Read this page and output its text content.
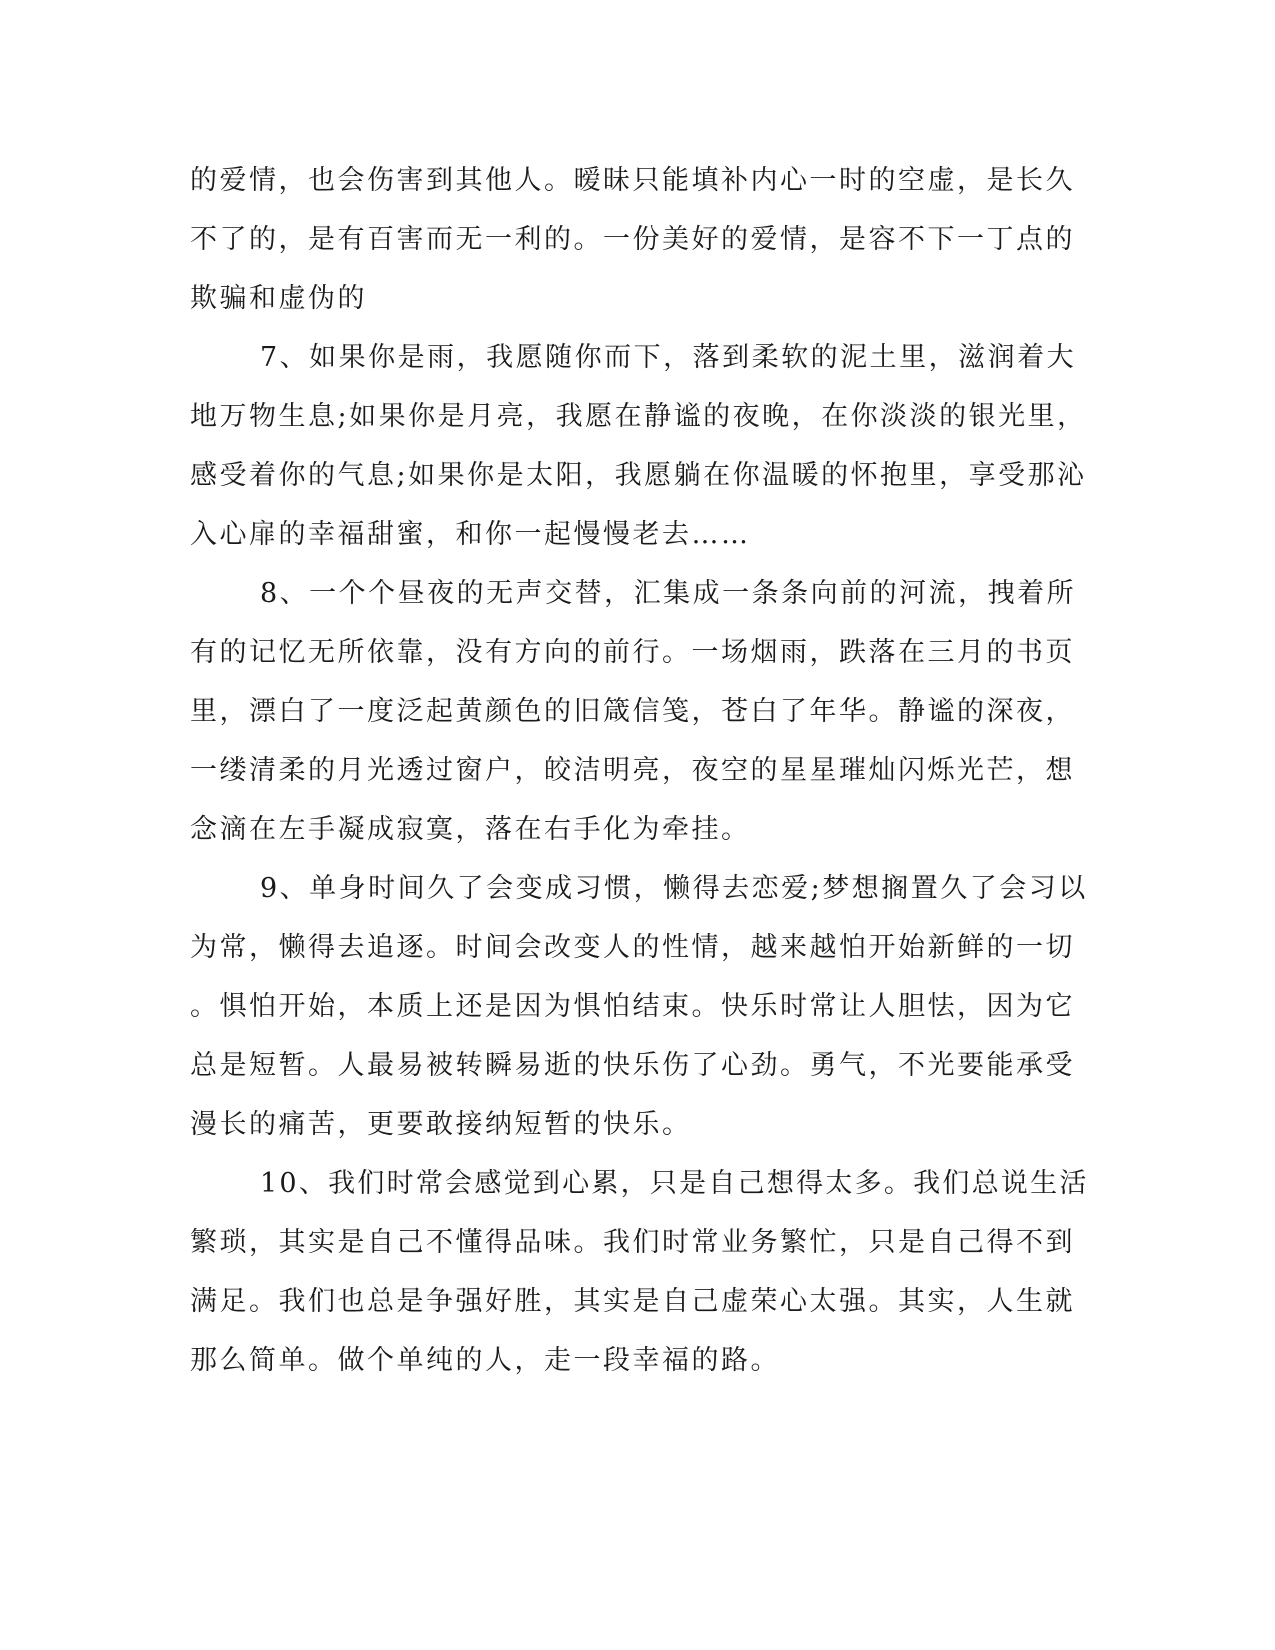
的爱情，也会伤害到其他人。暧昧只能填补内心一时的空虚，是长久
不了的，是有百害而无一利的。一份美好的爱情，是容不下一丁点的
欺骗和虚伪的
7、如果你是雨，我愿随你而下，落到柔软的泥土里，滋润着大
地万物生息;如果你是月亮，我愿在静谧的夜晚，在你淡淡的银光里，
感受着你的气息;如果你是太阳，我愿躺在你温暖的怀抱里，享受那沁
入心扉的幸福甜蜜，和你一起慢慢老去……
8、一个个昼夜的无声交替，汇集成一条条向前的河流，拽着所
有的记忆无所依靠，没有方向的前行。一场烟雨，跌落在三月的书页
里，漂白了一度泛起黄颜色的旧箴信笺，苍白了年华。静谧的深夜，
一缕清柔的月光透过窗户，皎洁明亮，夜空的星星璀灿闪烁光芒，想
念滴在左手凝成寂寞，落在右手化为牵挂。
9、单身时间久了会变成习惯，懒得去恋爱;梦想搁置久了会习以
为常，懒得去追逐。时间会改变人的性情，越来越怕开始新鲜的一切
。惧怕开始，本质上还是因为惧怕结束。快乐时常让人胆怯，因为它
总是短暂。人最易被转瞬易逝的快乐伤了心劲。勇气，不光要能承受
漫长的痛苦，更要敢接纳短暂的快乐。
10、我们时常会感觉到心累，只是自己想得太多。我们总说生活
繁琐，其实是自己不懂得品味。我们时常业务繁忙，只是自己得不到
满足。我们也总是争强好胜，其实是自己虚荣心太强。其实，人生就
那么简单。做个单纯的人，走一段幸福的路。
